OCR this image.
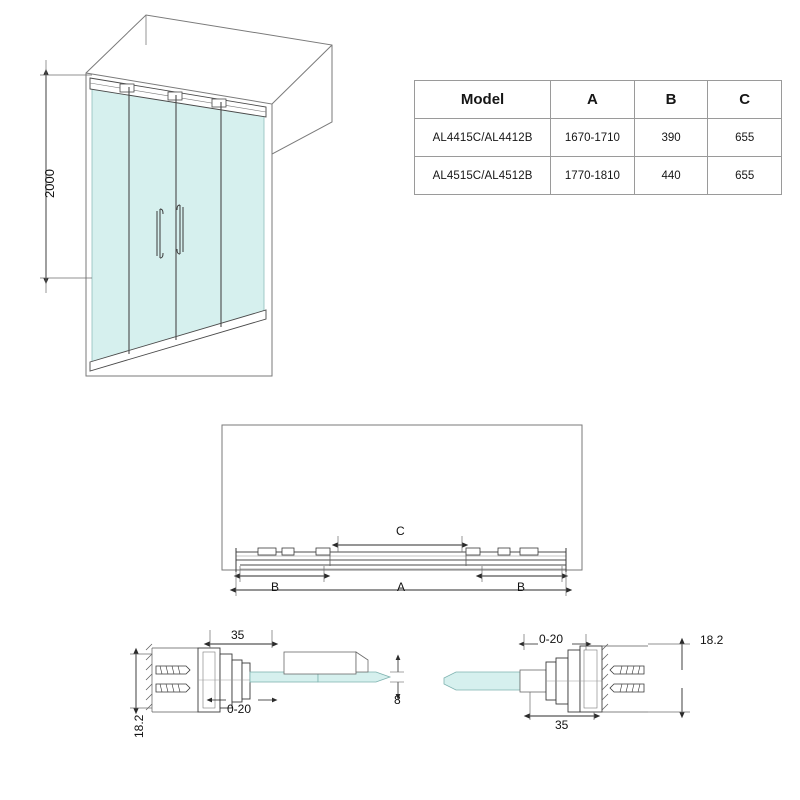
Model	A	B	C
AL4415C/AL4412B	1670-1710	390	655
AL4515C/AL4512B	1770-1810	440	655
2000
C
B	B
A
35
0-20
18.2
8
0-20	18.2
35
